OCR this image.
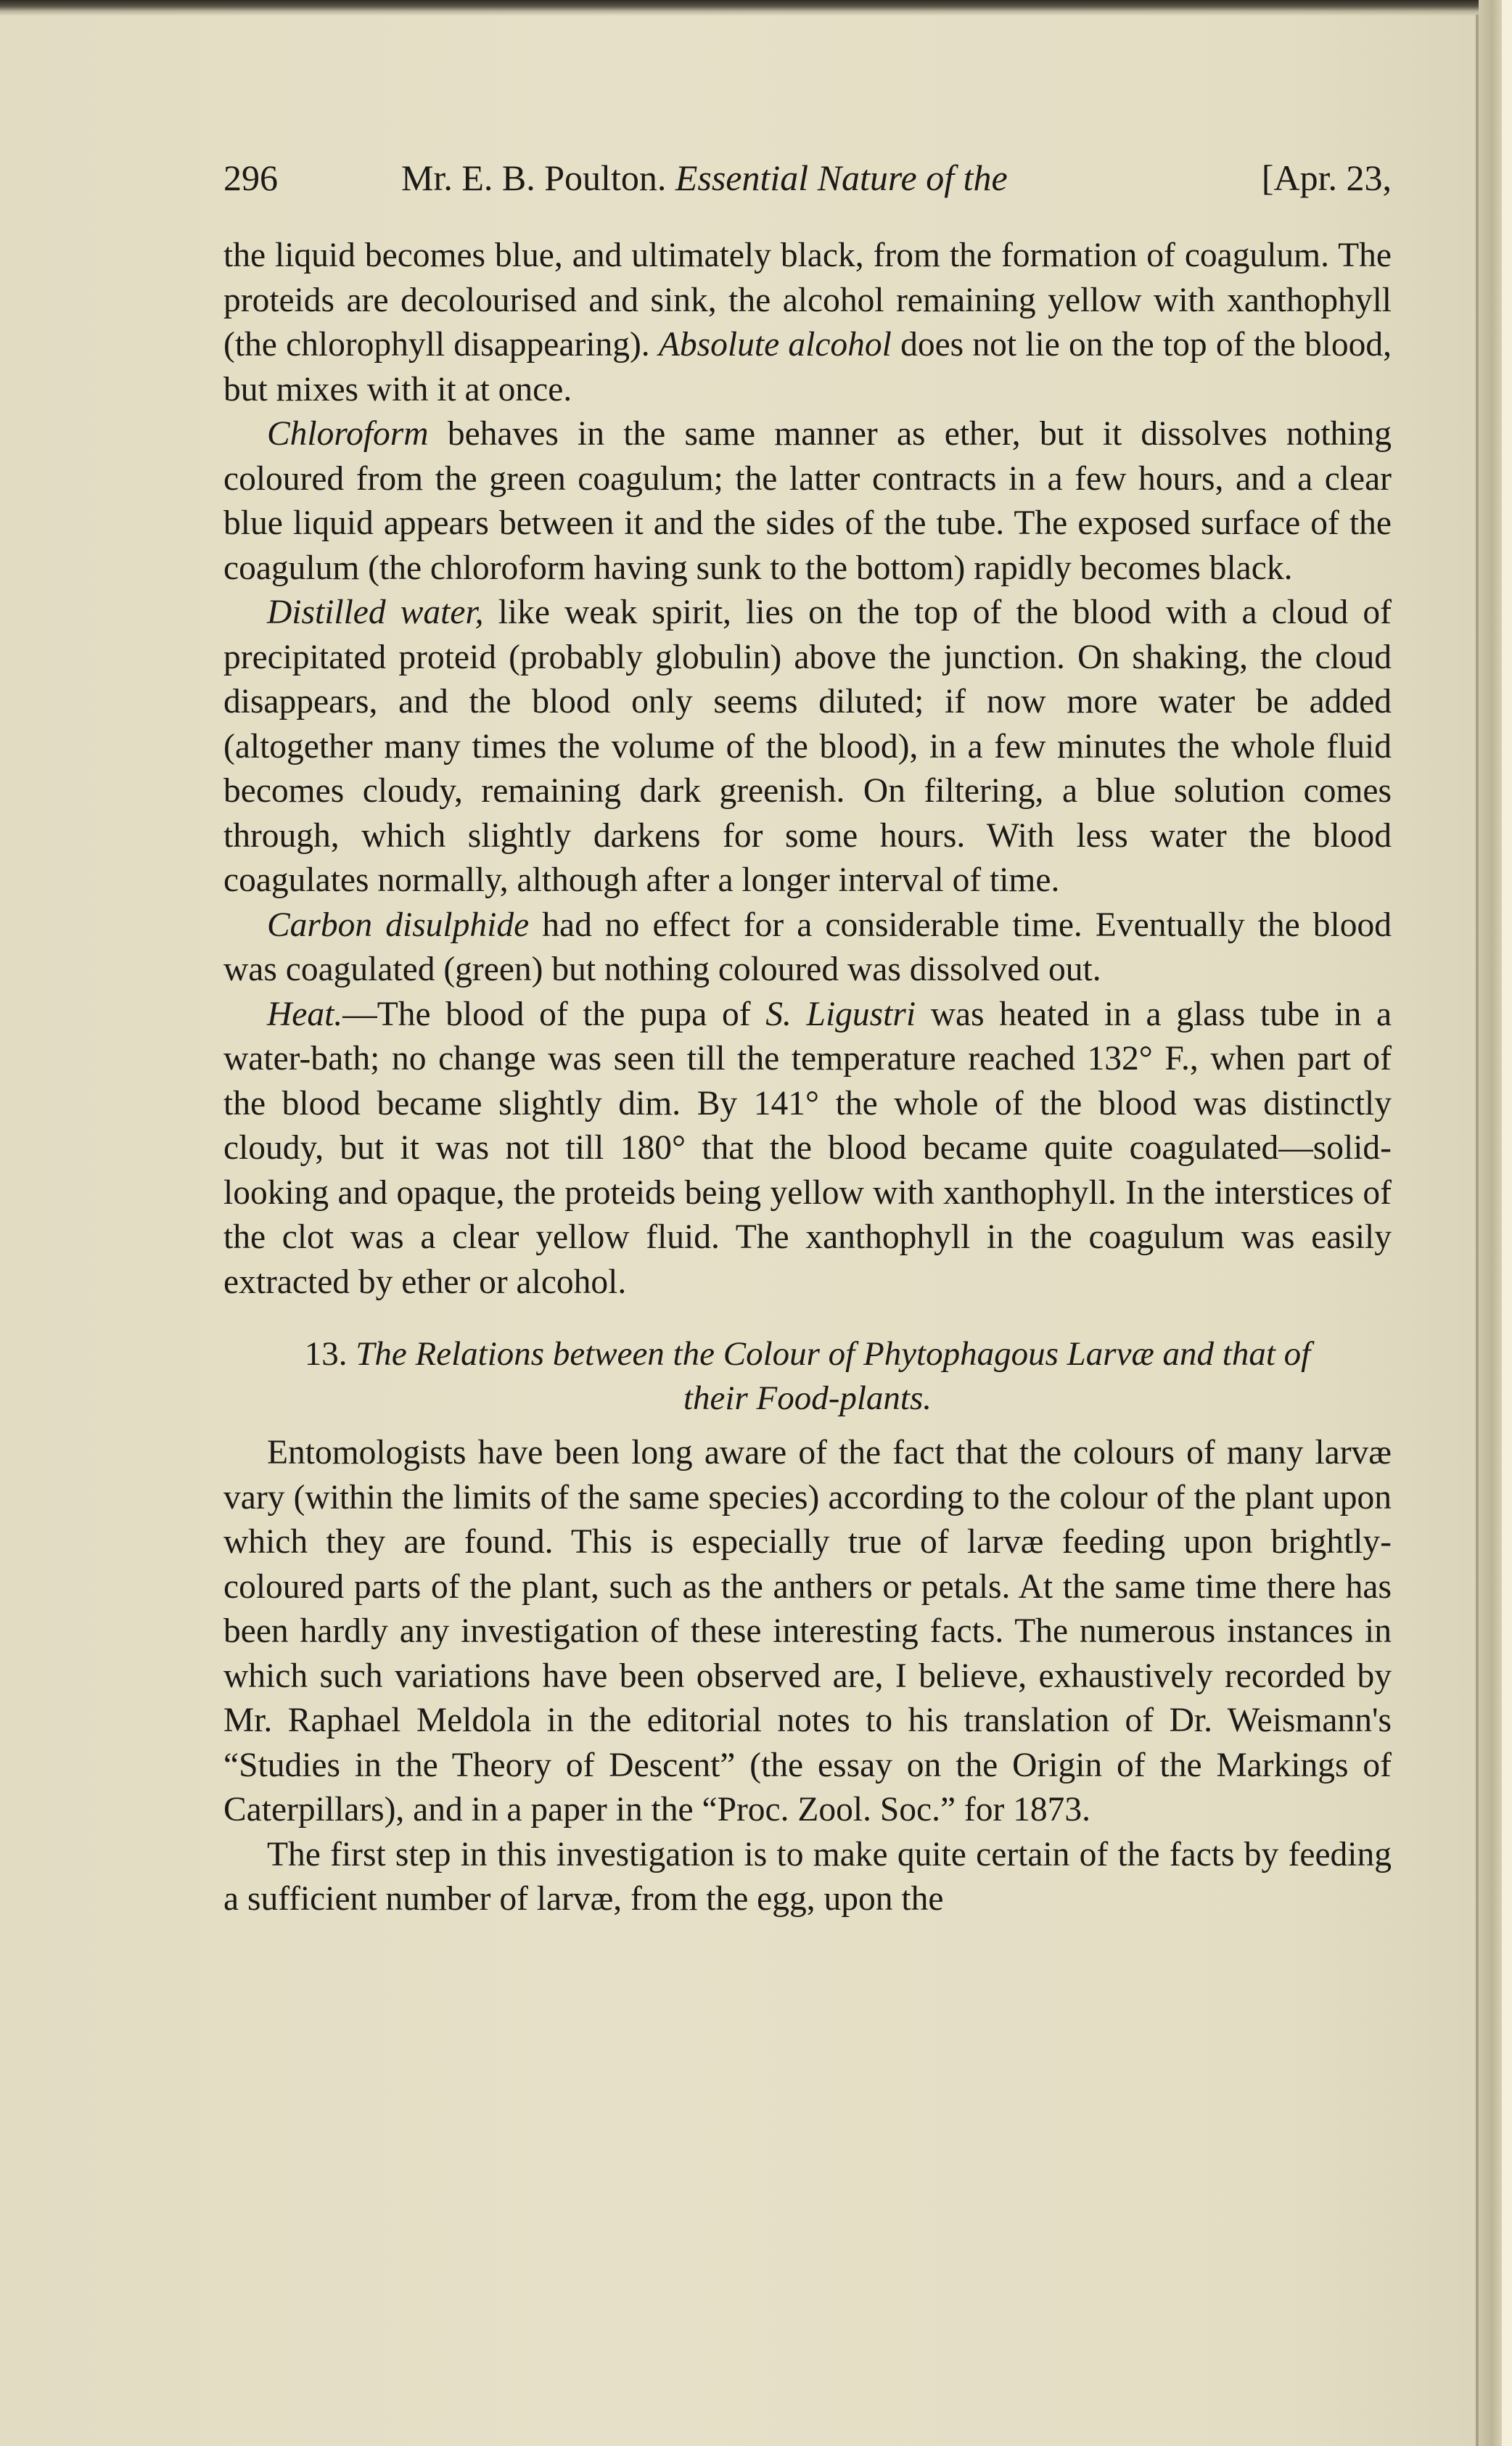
296	Mr. E. B. Poulton. Essential Nature of the	[Apr. 23,

the liquid becomes blue, and ultimately black, from the formation of coagulum. The proteids are decolourised and sink, the alcohol remaining yellow with xanthophyll (the chlorophyll disappearing). Absolute alcohol does not lie on the top of the blood, but mixes with it at once.

Chloroform behaves in the same manner as ether, but it dissolves nothing coloured from the green coagulum; the latter contracts in a few hours, and a clear blue liquid appears between it and the sides of the tube. The exposed surface of the coagulum (the chloroform having sunk to the bottom) rapidly becomes black.

Distilled water, like weak spirit, lies on the top of the blood with a cloud of precipitated proteid (probably globulin) above the junction. On shaking, the cloud disappears, and the blood only seems diluted; if now more water be added (altogether many times the volume of the blood), in a few minutes the whole fluid becomes cloudy, remaining dark greenish. On filtering, a blue solution comes through, which slightly darkens for some hours. With less water the blood coagulates normally, although after a longer interval of time.

Carbon disulphide had no effect for a considerable time. Eventually the blood was coagulated (green) but nothing coloured was dissolved out.

Heat.—The blood of the pupa of S. Ligustri was heated in a glass tube in a water-bath; no change was seen till the temperature reached 132° F., when part of the blood became slightly dim. By 141° the whole of the blood was distinctly cloudy, but it was not till 180° that the blood became quite coagulated—solid-looking and opaque, the proteids being yellow with xanthophyll. In the interstices of the clot was a clear yellow fluid. The xanthophyll in the coagulum was easily extracted by ether or alcohol.

13. The Relations between the Colour of Phytophagous Larvæ and that of
their Food-plants.

Entomologists have been long aware of the fact that the colours of many larvæ vary (within the limits of the same species) according to the colour of the plant upon which they are found. This is especially true of larvæ feeding upon brightly-coloured parts of the plant, such as the anthers or petals. At the same time there has been hardly any investigation of these interesting facts. The numerous instances in which such variations have been observed are, I believe, exhaustively recorded by Mr. Raphael Meldola in the editorial notes to his translation of Dr. Weismann's “Studies in the Theory of Descent” (the essay on the Origin of the Markings of Caterpillars), and in a paper in the “Proc. Zool. Soc.” for 1873.

The first step in this investigation is to make quite certain of the facts by feeding a sufficient number of larvæ, from the egg, upon the
